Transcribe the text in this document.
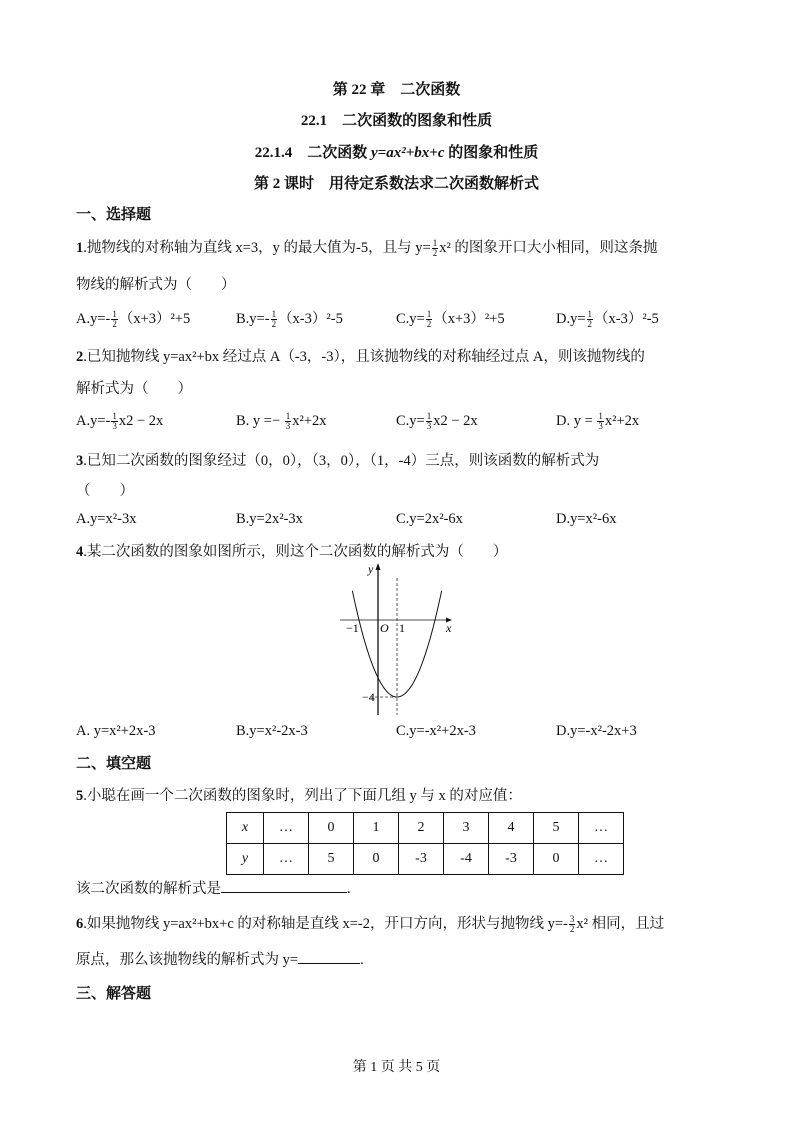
第 22 章　二次函数
22.1　二次函数的图象和性质
22.1.4　二次函数 y=ax²+bx+c 的图象和性质
第 2 课时　用待定系数法求二次函数解析式
一、选择题
1.抛物线的对称轴为直线 x=3，y 的最大值为-5，且与 $y= \frac{1}{2} x^2$ 的图象开口大小相同，则这条抛
物线的解析式为（　　）
$A.y=- \frac{1}{2} (x+3)^2+5$	$B.y=- \frac{1}{2} (x-3)^2-5$	$C.y= \frac{1}{2} (x+3)^2+5$	$D.y= \frac{1}{2} (x-3)^2-5$
2.已知抛物线 y=ax²+bx 经过点 A（-3，-3），且该抛物线的对称轴经过点 A，则该抛物线的
解析式为（　　）
$A.y=- \frac{1}{3} x2 - 2x$	B. $y =- \frac{1}{3} x^2+2x$	$C.y= \frac{1}{3} x2 - 2x$	D. $y = \frac{1}{3} x^2+2x$
3.已知二次函数的图象经过（0，0），（3，0），（1，-4）三点，则该函数的解析式为
（　　）
A.y=x²-3x	B.y=2x²-3x	C.y=2x²-6x	D.y=x²-6x
4.某二次函数的图象如图所示，则这个二次函数的解析式为（　　）
y
x
O
−1	1
−4
A. y=x²+2x-3	B.y=x²-2x-3	C.y=-x²+2x-3	D.y=-x²-2x+3
二、填空题
5.小聪在画一个二次函数的图象时，列出了下面几组 y 与 x 的对应值：
x	…	0	1	2	3	4	5	…
y	…	5	0	-3	-4	-3	0	…
该二次函数的解析式是	.
6.如果抛物线 y=ax²+bx+c 的对称轴是直线 x=-2，开口方向，形状与抛物线 $y=- \frac{3}{2} x^2$ 相同，且过
原点，那么该抛物线的解析式为 y=	.
三、解答题
第 1 页 共 5 页
